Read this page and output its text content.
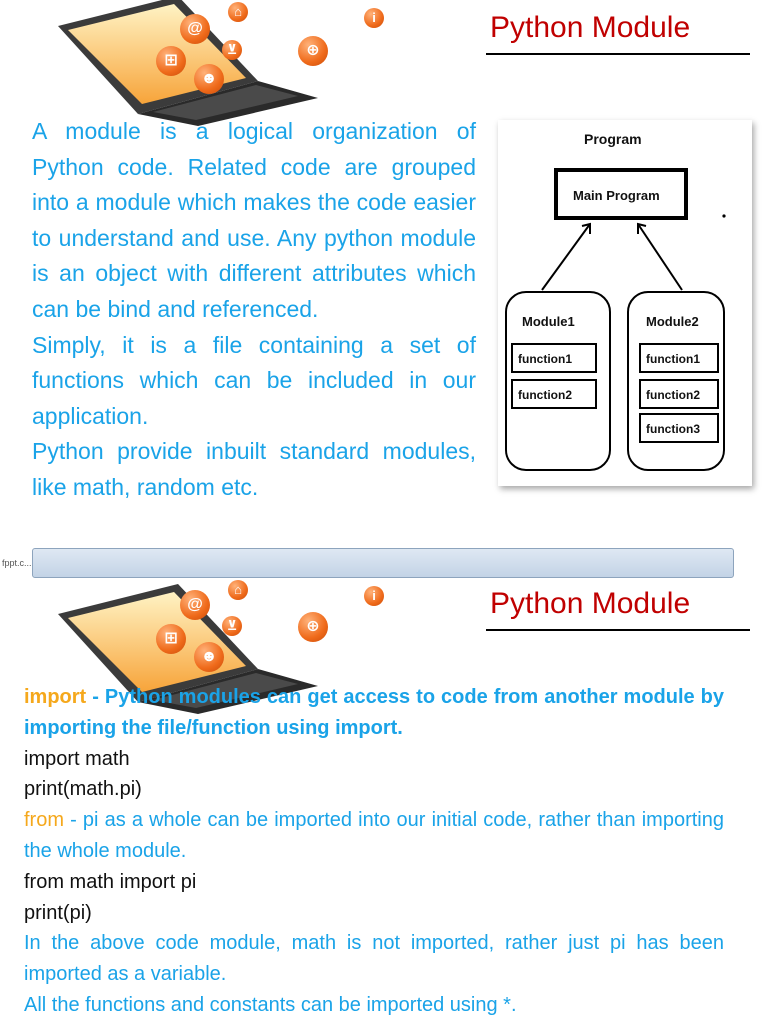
@
⌂	i
⊞
⊻
☻
⊕
Python Module

A module is a logical organization of Python code. Related code are grouped into a module which makes the code easier to understand and use. Any python module is an object with different attributes which can be bind and referenced.

Simply, it is a file containing a set of functions which can be included in our application.

Python provide inbuilt standard modules, like math, random etc.

Program
Main Program
Module1
function1
function2
Module2
function1
function2
function3
fppt.c...
@
⌂	i
⊞
⊻
☻
⊕
Python Module

import - Python modules can get access to code from another module by importing the file/function using import.

import math

print(math.pi)

from - pi as a whole can be imported into our initial code, rather than importing the whole module.

from math import pi

print(pi)

In the above code module, math is not imported, rather just pi has been imported as a variable.

All the functions and constants can be imported using *.
